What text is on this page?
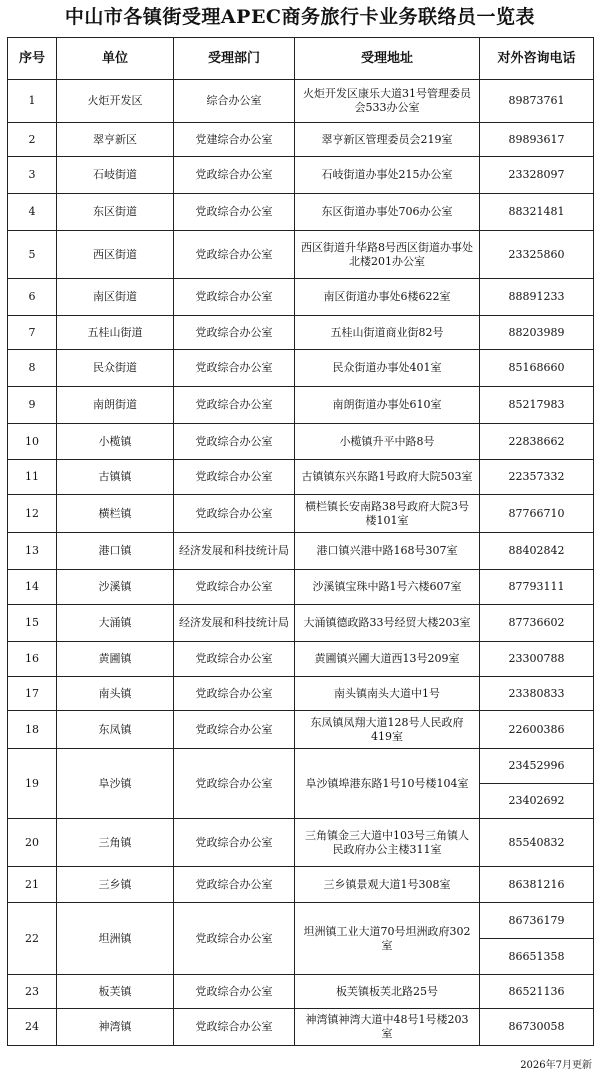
中山市各镇街受理APEC商务旅行卡业务联络员一览表
序号	单位	受理部门	受理地址	对外咨询电话
1	火炬开发区	综合办公室	火炬开发区康乐大道31号管理委员会533办公室	89873761
2	翠亨新区	党建综合办公室	翠亨新区管理委员会219室	89893617
3	石岐街道	党政综合办公室	石岐街道办事处215办公室	23328097
4	东区街道	党政综合办公室	东区街道办事处706办公室	88321481
5	西区街道	党政综合办公室	西区街道升华路8号西区街道办事处北楼201办公室	23325860
6	南区街道	党政综合办公室	南区街道办事处6楼622室	88891233
7	五桂山街道	党政综合办公室	五桂山街道商业街82号	88203989
8	民众街道	党政综合办公室	民众街道办事处401室	85168660
9	南朗街道	党政综合办公室	南朗街道办事处610室	85217983
10	小榄镇	党政综合办公室	小榄镇升平中路8号	22838662
11	古镇镇	党政综合办公室	古镇镇东兴东路1号政府大院503室	22357332
12	横栏镇	党政综合办公室	横栏镇长安南路38号政府大院3号楼101室	87766710
13	港口镇	经济发展和科技统计局	港口镇兴港中路168号307室	88402842
14	沙溪镇	党政综合办公室	沙溪镇宝珠中路1号六楼607室	87793111
15	大涌镇	经济发展和科技统计局	大涌镇德政路33号经贸大楼203室	87736602
16	黄圃镇	党政综合办公室	黄圃镇兴圃大道西13号209室	23300788
17	南头镇	党政综合办公室	南头镇南头大道中1号	23380833
18	东凤镇	党政综合办公室	东凤镇凤翔大道128号人民政府419室	22600386
19	阜沙镇	党政综合办公室	阜沙镇埠港东路1号10号楼104室	23452996
				23402692
20	三角镇	党政综合办公室	三角镇金三大道中103号三角镇人民政府办公主楼311室	85540832
21	三乡镇	党政综合办公室	三乡镇景观大道1号308室	86381216
22	坦洲镇	党政综合办公室	坦洲镇工业大道70号坦洲政府302室	86736179
				86651358
23	板芙镇	党政综合办公室	板芙镇板芙北路25号	86521136
24	神湾镇	党政综合办公室	神湾镇神湾大道中48号1号楼203室	86730058
2026年7月更新
